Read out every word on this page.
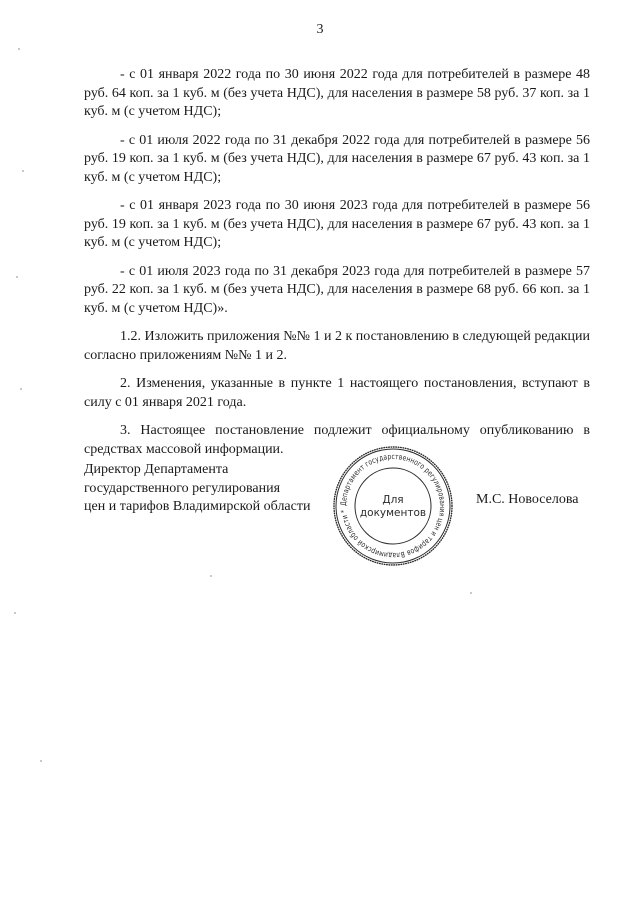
3

- с 01 января 2022 года по 30 июня 2022 года для потребителей в размере 48 руб. 64 коп. за 1 куб. м (без учета НДС), для населения в размере 58 руб. 37 коп. за 1 куб. м (с учетом НДС);

- с 01 июля 2022 года по 31 декабря 2022 года для потребителей в размере 56 руб. 19 коп. за 1 куб. м (без учета НДС), для населения в размере 67 руб. 43 коп. за 1 куб. м (с учетом НДС);

- с 01 января 2023 года по 30 июня 2023 года для потребителей в размере 56 руб. 19 коп. за 1 куб. м (без учета НДС), для населения в размере 67 руб. 43 коп. за 1 куб. м (с учетом НДС);

- с 01 июля 2023 года по 31 декабря 2023 года для потребителей в размере 57 руб. 22 коп. за 1 куб. м (без учета НДС), для населения в размере 68 руб. 66 коп. за 1 куб. м (с учетом НДС)».

1.2. Изложить приложения №№ 1 и 2 к постановлению в следующей редакции согласно приложениям №№ 1 и 2.

2. Изменения, указанные в пункте 1 настоящего постановления, вступают в силу с 01 января 2021 года.

3. Настоящее постановление подлежит официальному опубликованию в средствах массовой информации.

Директор Департамента
государственного регулирования
цен и тарифов Владимирской области	Департамент государственного регулирования цен и тарифов Владимирской области *
Для
документов
М.С. Новоселова
